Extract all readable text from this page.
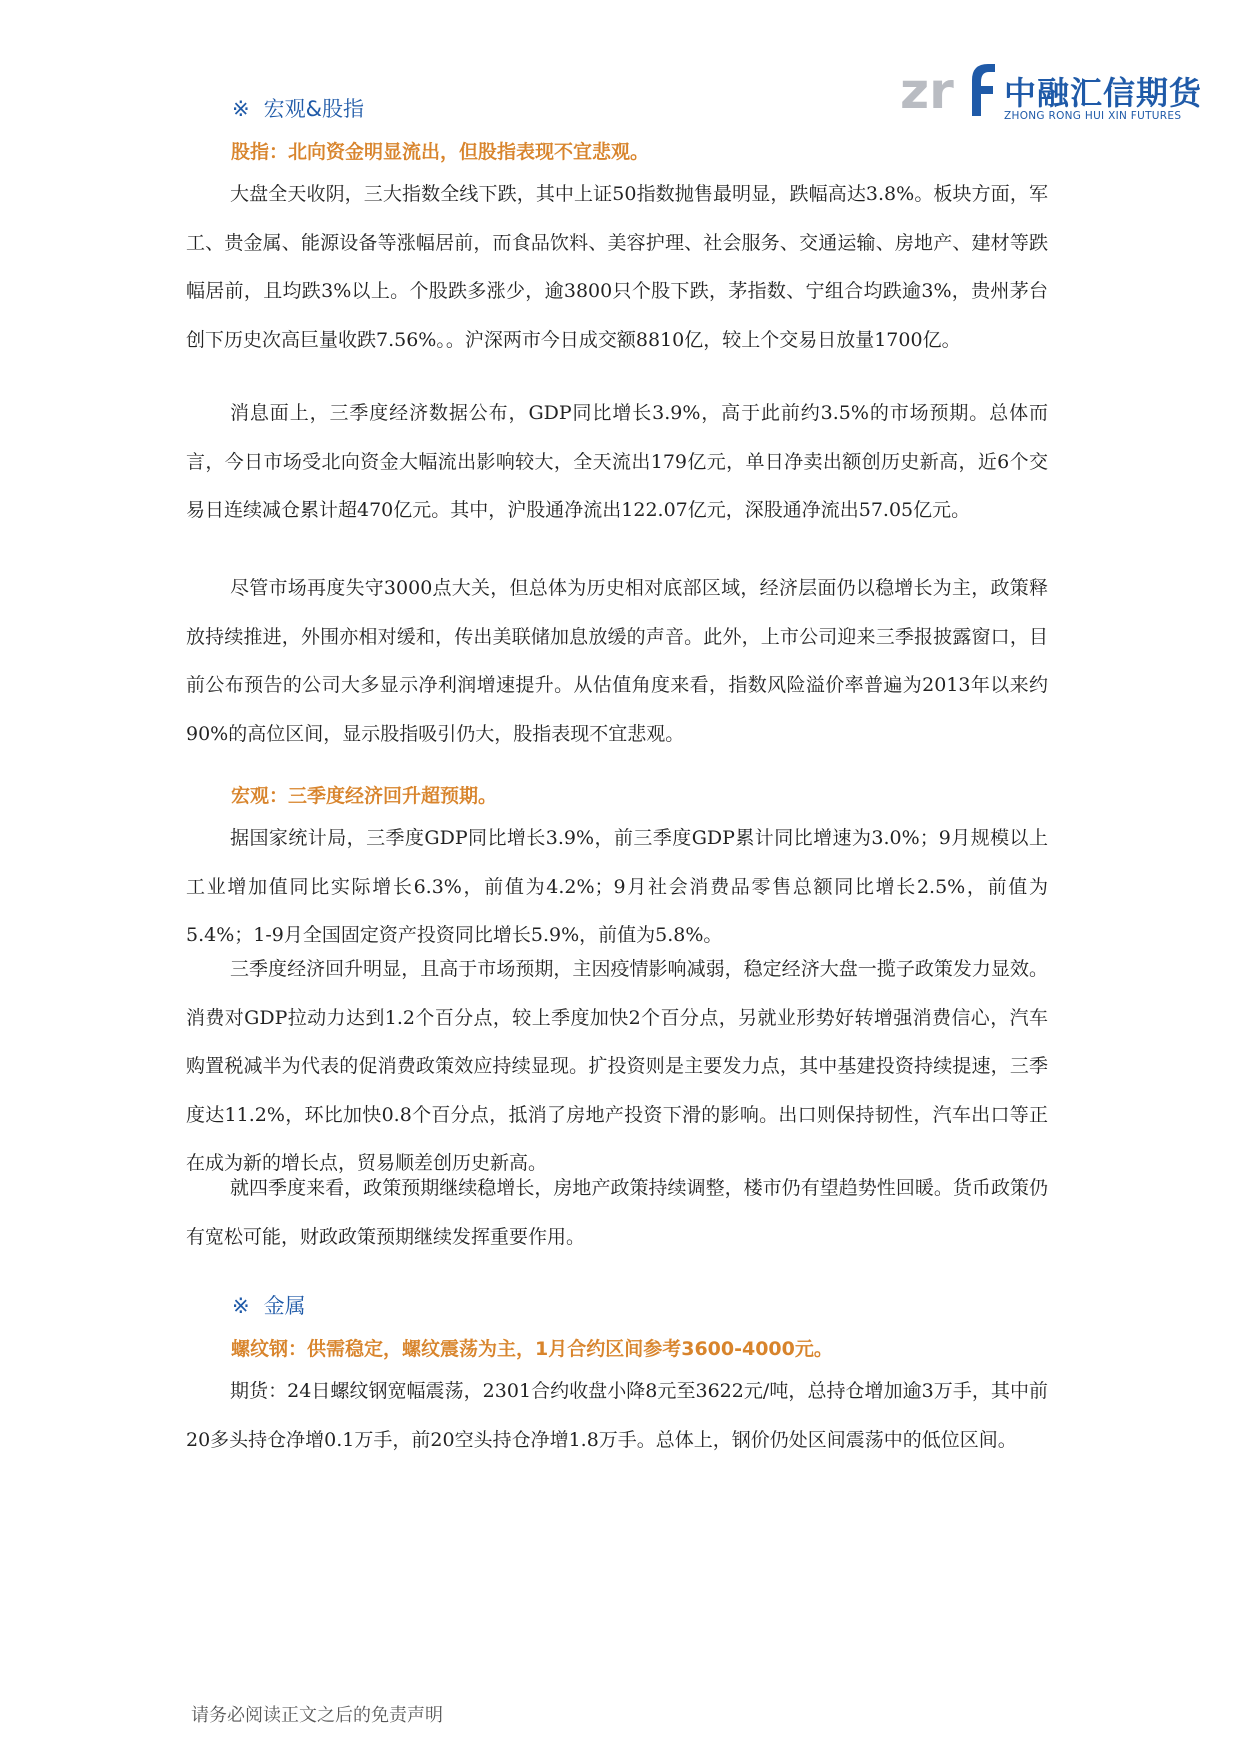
zr 中融汇信期货
ZHONG RONG HUI XIN FUTURES
※ 宏观&股指
股指：北向资金明显流出，但股指表现不宜悲观。

大盘全天收阴，三大指数全线下跌，其中上证50指数抛售最明显，跌幅高达3.8%。板块方面，军工、贵金属、能源设备等涨幅居前，而食品饮料、美容护理、社会服务、交通运输、房地产、建材等跌幅居前，且均跌3%以上。个股跌多涨少，逾3800只个股下跌，茅指数、宁组合均跌逾3%，贵州茅台创下历史次高巨量收跌7.56%。。沪深两市今日成交额8810亿，较上个交易日放量1700亿。

消息面上，三季度经济数据公布，GDP同比增长3.9%，高于此前约3.5%的市场预期。总体而言，今日市场受北向资金大幅流出影响较大，全天流出179亿元，单日净卖出额创历史新高，近6个交易日连续减仓累计超470亿元。其中，沪股通净流出122.07亿元，深股通净流出57.05亿元。

尽管市场再度失守3000点大关，但总体为历史相对底部区域，经济层面仍以稳增长为主，政策释放持续推进，外围亦相对缓和，传出美联储加息放缓的声音。此外，上市公司迎来三季报披露窗口，目前公布预告的公司大多显示净利润增速提升。从估值角度来看，指数风险溢价率普遍为2013年以来约90%的高位区间，显示股指吸引仍大，股指表现不宜悲观。

宏观：三季度经济回升超预期。

据国家统计局，三季度GDP同比增长3.9%，前三季度GDP累计同比增速为3.0%；9月规模以上工业增加值同比实际增长6.3%，前值为4.2%；9月社会消费品零售总额同比增长2.5%，前值为5.4%；1-9月全国固定资产投资同比增长5.9%，前值为5.8%。

三季度经济回升明显，且高于市场预期，主因疫情影响减弱，稳定经济大盘一揽子政策发力显效。消费对GDP拉动力达到1.2个百分点，较上季度加快2个百分点，另就业形势好转增强消费信心，汽车购置税减半为代表的促消费政策效应持续显现。扩投资则是主要发力点，其中基建投资持续提速，三季度达11.2%，环比加快0.8个百分点，抵消了房地产投资下滑的影响。出口则保持韧性，汽车出口等正在成为新的增长点，贸易顺差创历史新高。

就四季度来看，政策预期继续稳增长，房地产政策持续调整，楼市仍有望趋势性回暖。货币政策仍有宽松可能，财政政策预期继续发挥重要作用。

※ 金属
螺纹钢：供需稳定，螺纹震荡为主，1月合约区间参考3600-4000元。

期货：24日螺纹钢宽幅震荡，2301合约收盘小降8元至3622元/吨，总持仓增加逾3万手，其中前20多头持仓净增0.1万手，前20空头持仓净增1.8万手。总体上，钢价仍处区间震荡中的低位区间。

请务必阅读正文之后的免责声明
